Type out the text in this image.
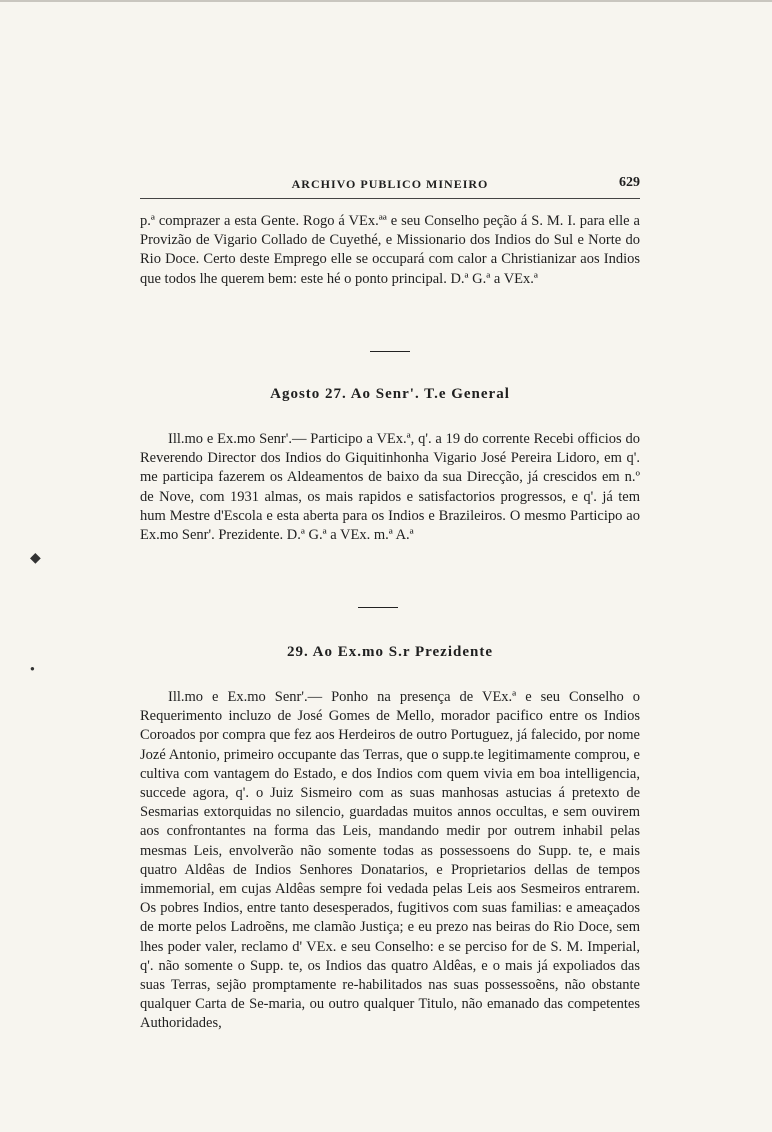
ARCHIVO PUBLICO MINEIRO	629

p.ª comprazer a esta Gente. Rogo á VEx.ªª e seu Conselho peção á S. M. I. para elle a Provizão de Vigario Collado de Cuyethé, e Missionario dos Indios do Sul e Norte do Rio Doce. Certo deste Emprego elle se occupará com calor a Christianizar aos Indios que todos lhe querem bem: este hé o ponto principal. D.ª G.ª a VEx.ª

Agosto 27. Ao Senr'. T.e General

Ill.mo e Ex.mo Senr'.— Participo a VEx.ª, q'. a 19 do corrente Recebi officios do Reverendo Director dos Indios do Giquitinhonha Vigario José Pereira Lidoro, em q'. me participa fazerem os Aldeamentos de baixo da sua Direcção, já crescidos em n.º de Nove, com 1931 almas, os mais rapidos e satisfactorios progressos, e q'. já tem hum Mestre d'Escola e esta aberta para os Indios e Brazileiros. O mesmo Participo ao Ex.mo Senr'. Prezidente. D.ª G.ª a VEx. m.ª A.ª

29. Ao Ex.mo S.r Prezidente

Ill.mo e Ex.mo Senr'.— Ponho na presença de VEx.ª e seu Conselho o Requerimento incluzo de José Gomes de Mello, morador pacifico entre os Indios Coroados por compra que fez aos Herdeiros de outro Portuguez, já falecido, por nome Jozé Antonio, primeiro occupante das Terras, que o supp.te legitimamente comprou, e cultiva com vantagem do Estado, e dos Indios com quem vivia em boa intelligencia, succede agora, q'. o Juiz Sismeiro com as suas manhosas astucias á pretexto de Sesmarias extorquidas no silencio, guardadas muitos annos occultas, e sem ouvirem aos confrontantes na forma das Leis, mandando medir por outrem inhabil pelas mesmas Leis, envolverão não somente todas as possessoens do Supp. te, e mais quatro Aldêas de Indios Senhores Donatarios, e Proprietarios dellas de tempos immemorial, em cujas Aldêas sempre foi vedada pelas Leis aos Sesmeiros entrarem. Os pobres Indios, entre tanto desesperados, fugitivos com suas familias: e ameaçados de morte pelos Ladroẽns, me clamão Justiça; e eu prezo nas beiras do Rio Doce, sem lhes poder valer, reclamo d' VEx. e seu Conselho: e se perciso for de S. M. Imperial, q'. não somente o Supp. te, os Indios das quatro Aldêas, e o mais já expoliados das suas Terras, sejão promptamente re-habilitados nas suas possessoẽns, não obstante qualquer Carta de Se-maria, ou outro qualquer Titulo, não emanado das competentes Authoridades,

◆
●
